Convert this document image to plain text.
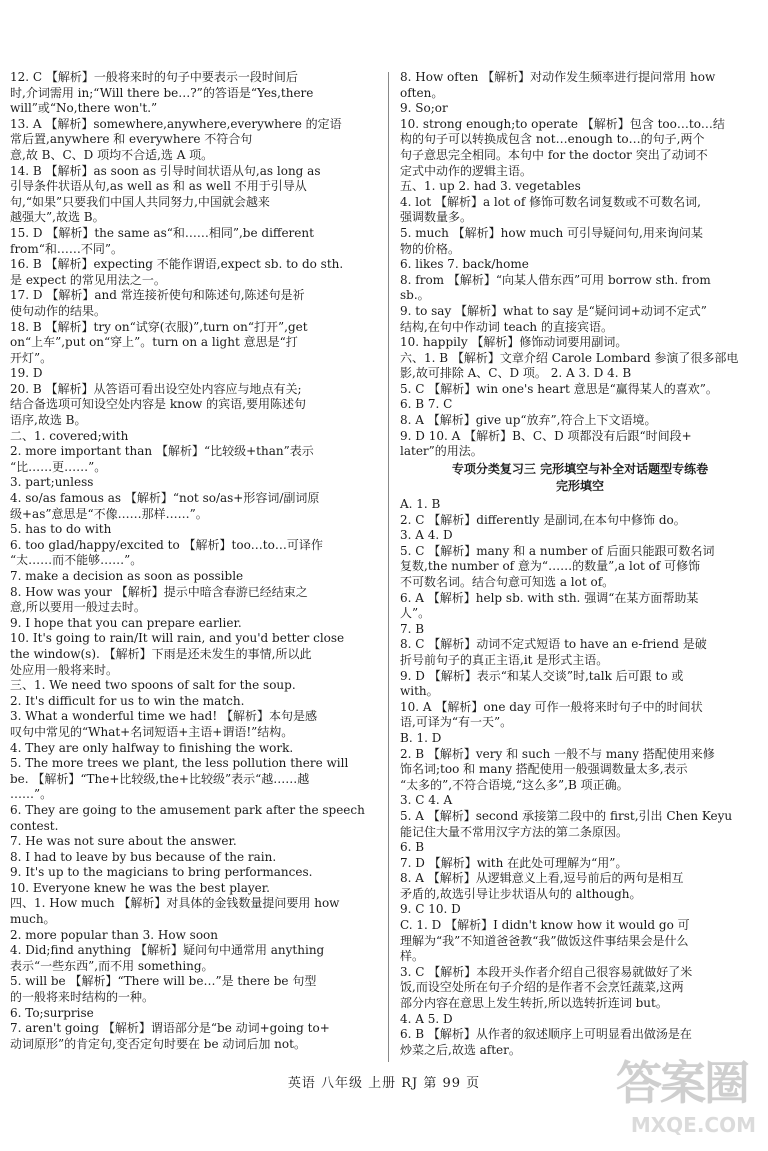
12. C 【解析】一般将来时的句子中要表示一段时间后
时,介词需用 in;“Will there be…?”的答语是“Yes,there
will”或“No,there won't.”
13. A 【解析】somewhere,anywhere,everywhere 的定语
常后置,anywhere 和 everywhere 不符合句
意,故 B、C、D 项均不合适,选 A 项。
14. B 【解析】as soon as 引导时间状语从句,as long as
引导条件状语从句,as well as 和 as well 不用于引导从
句,“如果”只要我们中国人共同努力,中国就会越来
越强大”,故选 B。
15. D 【解析】the same as“和……相同”,be different
from“和……不同”。
16. B 【解析】expecting 不能作谓语,expect sb. to do sth.
是 expect 的常见用法之一。
17. D 【解析】and 常连接祈使句和陈述句,陈述句是祈
使句动作的结果。
18. B 【解析】try on“试穿(衣服)”,turn on“打开”,get
on“上车”,put on“穿上”。turn on a light 意思是“打
开灯”。
19. D
20. B 【解析】从答语可看出设空处内容应与地点有关;
结合备选项可知设空处内容是 know 的宾语,要用陈述句
语序,故选 B。
二、1. covered;with
2. more important than 【解析】“比较级+than”表示
“比……更……”。
3. part;unless
4. so/as famous as 【解析】“not so/as+形容词/副词原
级+as”意思是“不像……那样……”。
5. has to do with
6. too glad/happy/excited to 【解析】too…to…可译作
“太……而不能够……”。
7. make a decision as soon as possible
8. How was your 【解析】提示中暗含春游已经结束之
意,所以要用一般过去时。
9. I hope that you can prepare earlier.
10. It's going to rain/It will rain, and you'd better close
the window(s). 【解析】下雨是还未发生的事情,所以此
处应用一般将来时。
三、1. We need two spoons of salt for the soup.
2. It's difficult for us to win the match.
3. What a wonderful time we had! 【解析】本句是感
叹句中常见的“What+名词短语+主语+谓语!”结构。
4. They are only halfway to finishing the work.
5. The more trees we plant, the less pollution there will
be. 【解析】“The+比较级,the+比较级”表示“越……越
……”。
6. They are going to the amusement park after the speech
contest.
7. He was not sure about the answer.
8. I had to leave by bus because of the rain.
9. It's up to the magicians to bring performances.
10. Everyone knew he was the best player.
四、1. How much 【解析】对具体的金钱数量提问要用 how
much。
2. more popular than 3. How soon
4. Did;find anything 【解析】疑问句中通常用 anything
表示“一些东西”,而不用 something。
5. will be 【解析】“There will be…”是 there be 句型
的一般将来时结构的一种。
6. To;surprise
7. aren't going 【解析】谓语部分是“be 动词+going to+
动词原形”的肯定句,变否定句时要在 be 动词后加 not。
8. How often 【解析】对动作发生频率进行提问常用 how
often。
9. So;or
10. strong enough;to operate 【解析】包含 too…to…结
构的句子可以转换成包含 not…enough to…的句子,两个
句子意思完全相同。本句中 for the doctor 突出了动词不
定式中动作的逻辑主语。
五、1. up 2. had 3. vegetables
4. lot 【解析】a lot of 修饰可数名词复数或不可数名词,
强调数量多。
5. much 【解析】how much 可引导疑问句,用来询问某
物的价格。
6. likes 7. back/home
8. from 【解析】“向某人借东西”可用 borrow sth. from
sb.。
9. to say 【解析】what to say 是“疑问词+动词不定式”
结构,在句中作动词 teach 的直接宾语。
10. happily 【解析】修饰动词要用副词。
六、1. B 【解析】文章介绍 Carole Lombard 参演了很多部电
影,故可排除 A、C、D 项。 2. A 3. D 4. B
5. C 【解析】win one's heart 意思是“赢得某人的喜欢”。
6. B 7. C
8. A 【解析】give up“放弃”,符合上下文语境。
9. D 10. A 【解析】B、C、D 项都没有后跟“时间段+
later”的用法。
专项分类复习三 完形填空与补全对话题型专练卷
完形填空
A. 1. B
2. C 【解析】differently 是副词,在本句中修饰 do。
3. A 4. D
5. C 【解析】many 和 a number of 后面只能跟可数名词
复数,the number of 意为“……的数量”,a lot of 可修饰
不可数名词。结合句意可知选 a lot of。
6. A 【解析】help sb. with sth. 强调“在某方面帮助某
人”。
7. B
8. C 【解析】动词不定式短语 to have an e-friend 是破
折号前句子的真正主语,it 是形式主语。
9. D 【解析】表示“和某人交谈”时,talk 后可跟 to 或
with。
10. A 【解析】one day 可作一般将来时句子中的时间状
语,可译为“有一天”。
B. 1. D
2. B 【解析】very 和 such 一般不与 many 搭配使用来修
饰名词;too 和 many 搭配使用一般强调数量太多,表示
“太多的”,不符合语境,“这么多”,B 项正确。
3. C 4. A
5. A 【解析】second 承接第二段中的 first,引出 Chen Keyu
能记住大量不常用汉字方法的第二条原因。
6. B
7. D 【解析】with 在此处可理解为“用”。
8. A 【解析】从逻辑意义上看,逗号前后的两句是相互
矛盾的,故选引导让步状语从句的 although。
9. C 10. D
C. 1. D 【解析】I didn't know how it would go 可
理解为“我”不知道爸爸教“我”做饭这件事结果会是什么
样。
3. C 【解析】本段开头作者介绍自己很容易就做好了米
饭,而设空处所在句子介绍的是作者不会烹饪蔬菜,这两
部分内容在意思上发生转折,所以选转折连词 but。
4. A 5. D
6. B 【解析】从作者的叙述顺序上可明显看出做汤是在
炒菜之后,故选 after。
英语 八年级 上册 RJ 第 99 页	答案圈
MXQE.COM
